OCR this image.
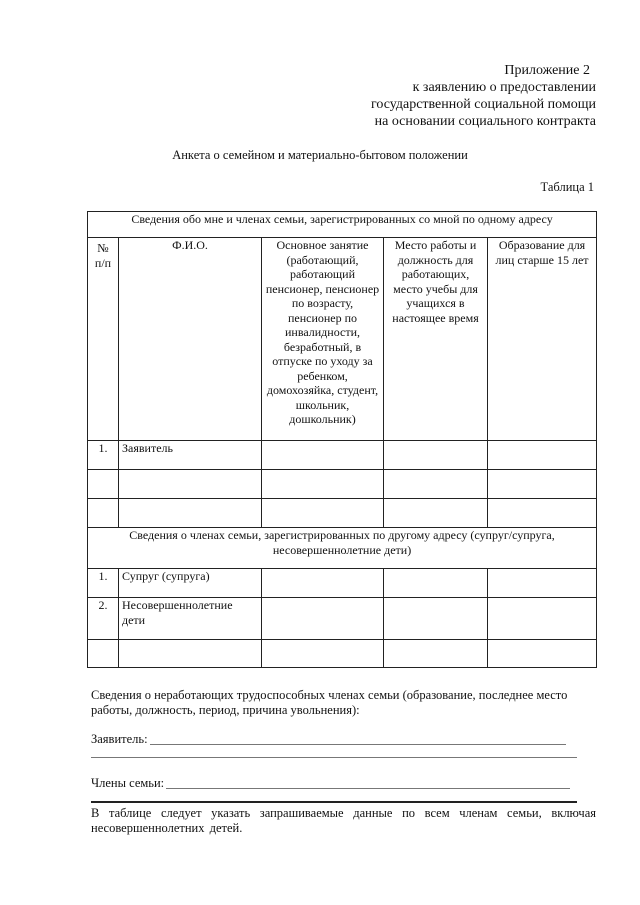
Приложение 2
к заявлению о предоставлении
государственной социальной помощи
на основании социального контракта
Анкета о семейном и материально-бытовом положении
Таблица 1
Сведения обо мне и членах семьи, зарегистрированных со мной по одному адресу				
№ п/п	Ф.И.О.	Основное занятие (работающий, работающий пенсионер, пенсионер по возрасту, пенсионер по инвалидности, безработный, в отпуске по уходу за ребенком, домохозяйка, студент, школьник, дошкольник)	Место работы и должность для работающих, место учебы для учащихся в настоящее время	Образование для лиц старше 15 лет
1.	Заявитель			

Сведения о членах семьи, зарегистрированных по другому адресу (супруг/супруга, несовершеннолетние дети)				
1.	Супруг (супруга)			
2.	Несовершеннолетние дети			

Сведения о неработающих трудоспособных членах семьи (образование, последнее место работы, должность, период, причина увольнения):
Заявитель:
Члены семьи:
В таблице следует указать запрашиваемые данные по всем членам семьи, включая несовершеннолетних детей.
